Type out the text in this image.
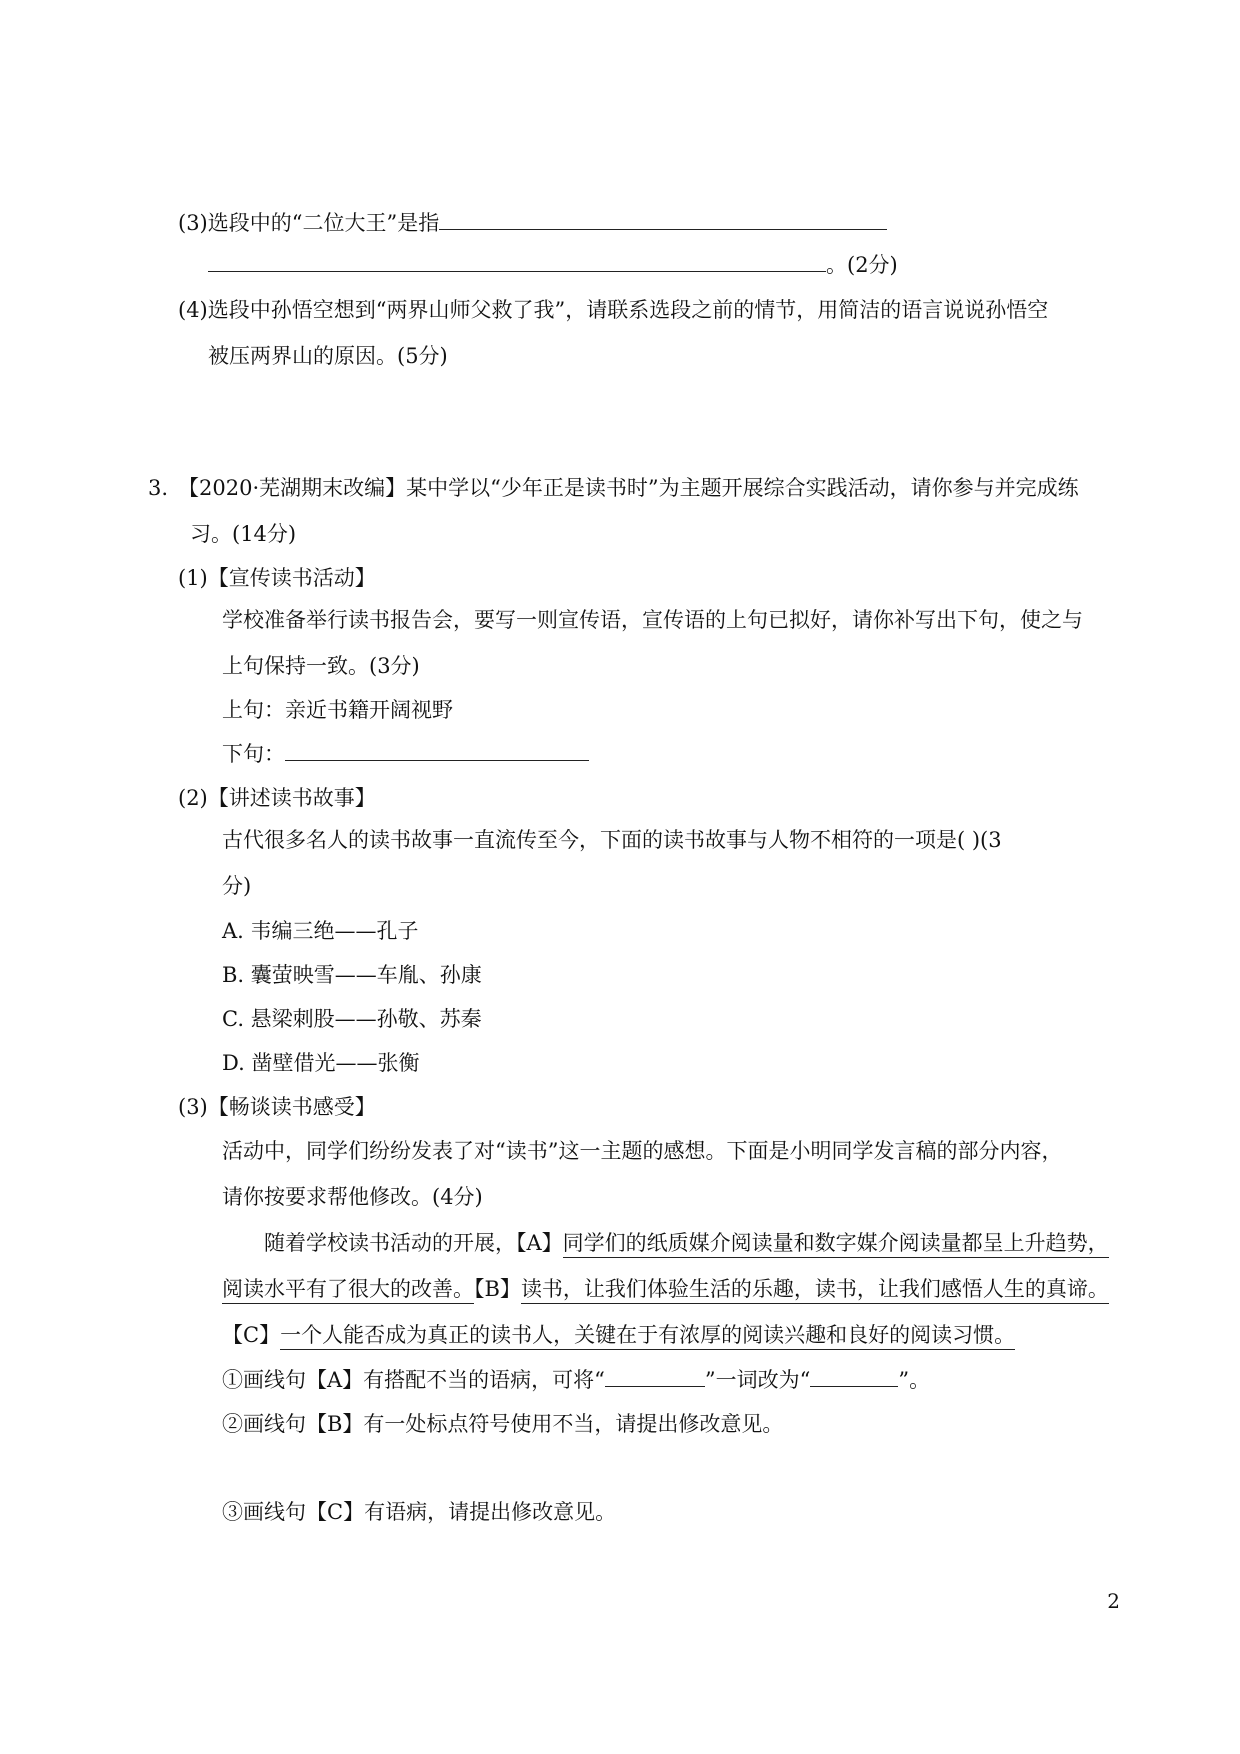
(3)选段中的“二位大王”是指
。(2分)
(4)选段中孙悟空想到“两界山师父救了我”，请联系选段之前的情节，用简洁的语言说说孙悟空
被压两界山的原因。(5分)
3. 【2020·芜湖期末改编】某中学以“少年正是读书时”为主题开展综合实践活动，请你参与并完成练
习。(14分)
(1)【宣传读书活动】
学校准备举行读书报告会，要写一则宣传语，宣传语的上句已拟好，请你补写出下句，使之与
上句保持一致。(3分)
上句：亲近书籍开阔视野
下句：
(2)【讲述读书故事】
古代很多名人的读书故事一直流传至今，下面的读书故事与人物不相符的一项是( )(3
分)
A. 韦编三绝——孔子
B. 囊萤映雪——车胤、孙康
C. 悬梁刺股——孙敬、苏秦
D. 凿壁借光——张衡
(3)【畅谈读书感受】
活动中，同学们纷纷发表了对“读书”这一主题的感想。下面是小明同学发言稿的部分内容，
请你按要求帮他修改。(4分)
随着学校读书活动的开展，【A】同学们的纸质媒介阅读量和数字媒介阅读量都呈上升趋势，
阅读水平有了很大的改善。【B】读书，让我们体验生活的乐趣，读书，让我们感悟人生的真谛。
【C】一个人能否成为真正的读书人，关键在于有浓厚的阅读兴趣和良好的阅读习惯。
①画线句【A】有搭配不当的语病，可将“	”一词改为“	”。
②画线句【B】有一处标点符号使用不当，请提出修改意见。
③画线句【C】有语病，请提出修改意见。
2
